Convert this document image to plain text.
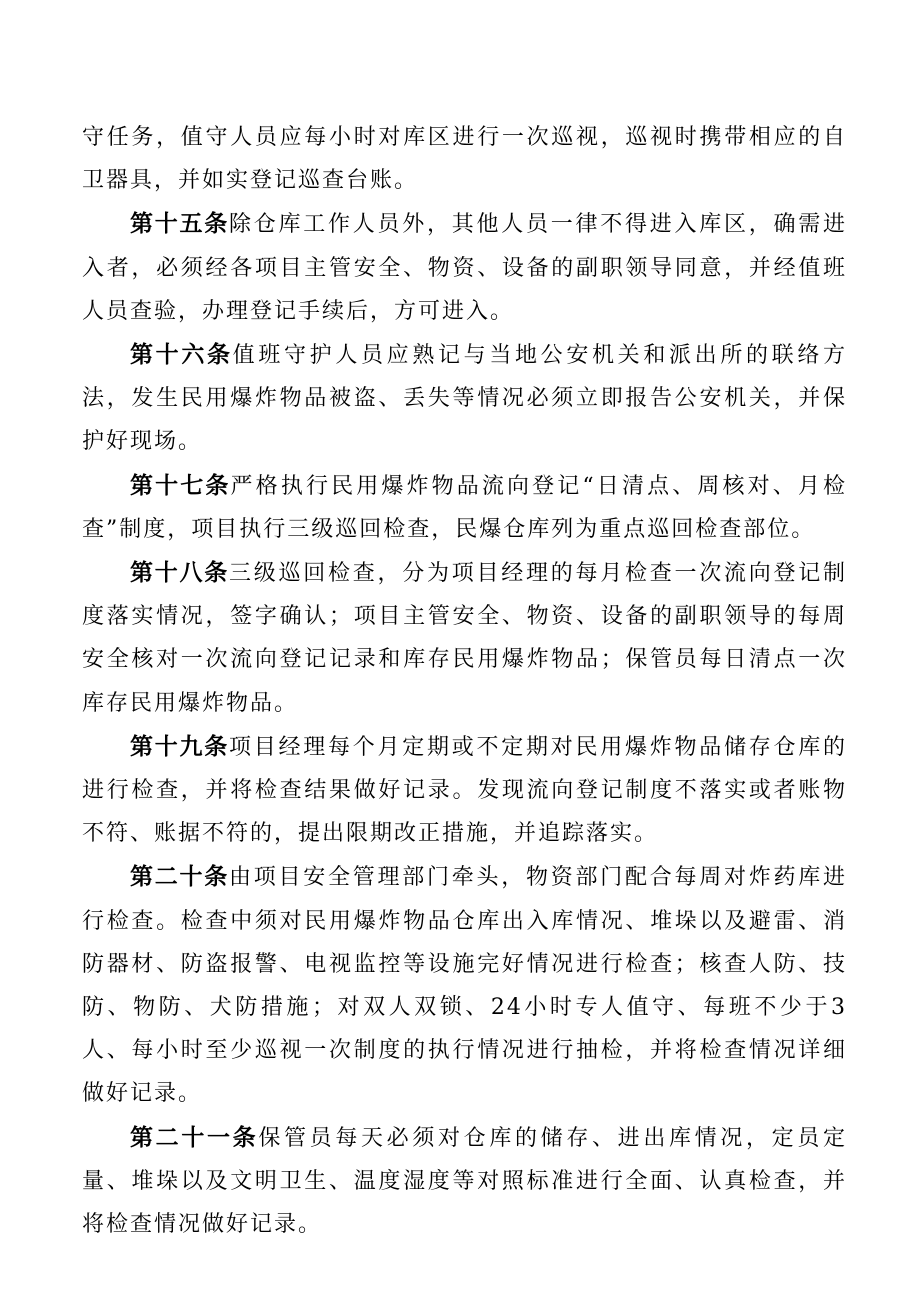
守任务，值守人员应每小时对库区进行一次巡视，巡视时携带相应的自卫器具，并如实登记巡查台账。

第十五条除仓库工作人员外，其他人员一律不得进入库区，确需进入者，必须经各项目主管安全、物资、设备的副职领导同意，并经值班人员查验，办理登记手续后，方可进入。

第十六条值班守护人员应熟记与当地公安机关和派出所的联络方法，发生民用爆炸物品被盗、丢失等情况必须立即报告公安机关，并保护好现场。

第十七条严格执行民用爆炸物品流向登记“日清点、周核对、月检查”制度，项目执行三级巡回检查，民爆仓库列为重点巡回检查部位。

第十八条三级巡回检查，分为项目经理的每月检查一次流向登记制度落实情况，签字确认；项目主管安全、物资、设备的副职领导的每周安全核对一次流向登记记录和库存民用爆炸物品；保管员每日清点一次库存民用爆炸物品。

第十九条项目经理每个月定期或不定期对民用爆炸物品储存仓库的进行检查，并将检查结果做好记录。发现流向登记制度不落实或者账物不符、账据不符的，提出限期改正措施，并追踪落实。

第二十条由项目安全管理部门牵头，物资部门配合每周对炸药库进行检查。检查中须对民用爆炸物品仓库出入库情况、堆垛以及避雷、消防器材、防盗报警、电视监控等设施完好情况进行检查；核查人防、技防、物防、犬防措施；对双人双锁、24小时专人值守、每班不少于3人、每小时至少巡视一次制度的执行情况进行抽检，并将检查情况详细做好记录。

第二十一条保管员每天必须对仓库的储存、进出库情况，定员定量、堆垛以及文明卫生、温度湿度等对照标准进行全面、认真检查，并将检查情况做好记录。
